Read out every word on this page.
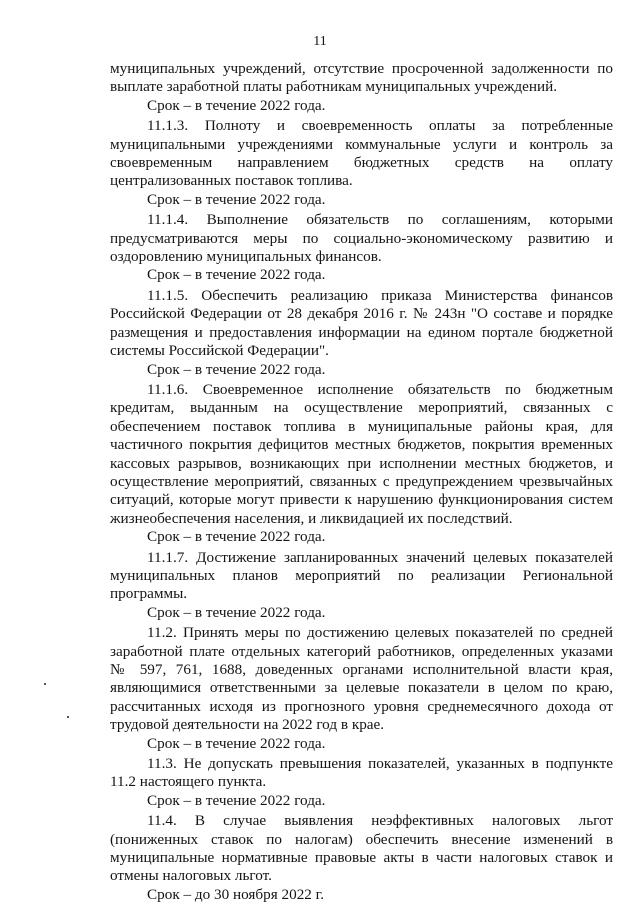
11

муниципальных учреждений, отсутствие просроченной задолженности по выплате заработной платы работникам муниципальных учреждений.

Срок – в течение 2022 года.

11.1.3. Полноту и своевременность оплаты за потребленные муниципальными учреждениями коммунальные услуги и контроль за своевременным направлением бюджетных средств на оплату централизованных поставок топлива.

Срок – в течение 2022 года.

11.1.4. Выполнение обязательств по соглашениям, которыми предусматриваются меры по социально-экономическому развитию и оздоровлению муниципальных финансов.

Срок – в течение 2022 года.

11.1.5. Обеспечить реализацию приказа Министерства финансов Российской Федерации от 28 декабря 2016 г. № 243н "О составе и порядке размещения и предоставления информации на едином портале бюджетной системы Российской Федерации".

Срок – в течение 2022 года.

11.1.6. Своевременное исполнение обязательств по бюджетным кредитам, выданным на осуществление мероприятий, связанных с обеспечением поставок топлива в муниципальные районы края, для частичного покрытия дефицитов местных бюджетов, покрытия временных кассовых разрывов, возникающих при исполнении местных бюджетов, и осуществление мероприятий, связанных с предупреждением чрезвычайных ситуаций, которые могут привести к нарушению функционирования систем жизнеобеспечения населения, и ликвидацией их последствий.

Срок – в течение 2022 года.

11.1.7. Достижение запланированных значений целевых показателей муниципальных планов мероприятий по реализации Региональной программы.

Срок – в течение 2022 года.

11.2. Принять меры по достижению целевых показателей по средней заработной плате отдельных категорий работников, определенных указами № 597, 761, 1688, доведенных органами исполнительной власти края, являющимися ответственными за целевые показатели в целом по краю, рассчитанных исходя из прогнозного уровня среднемесячного дохода от трудовой деятельности на 2022 год в крае.

Срок – в течение 2022 года.

11.3. Не допускать превышения показателей, указанных в подпункте 11.2 настоящего пункта.

Срок – в течение 2022 года.

11.4. В случае выявления неэффективных налоговых льгот (пониженных ставок по налогам) обеспечить внесение изменений в муниципальные нормативные правовые акты в части налоговых ставок и отмены налоговых льгот.

Срок – до 30 ноября 2022 г.
